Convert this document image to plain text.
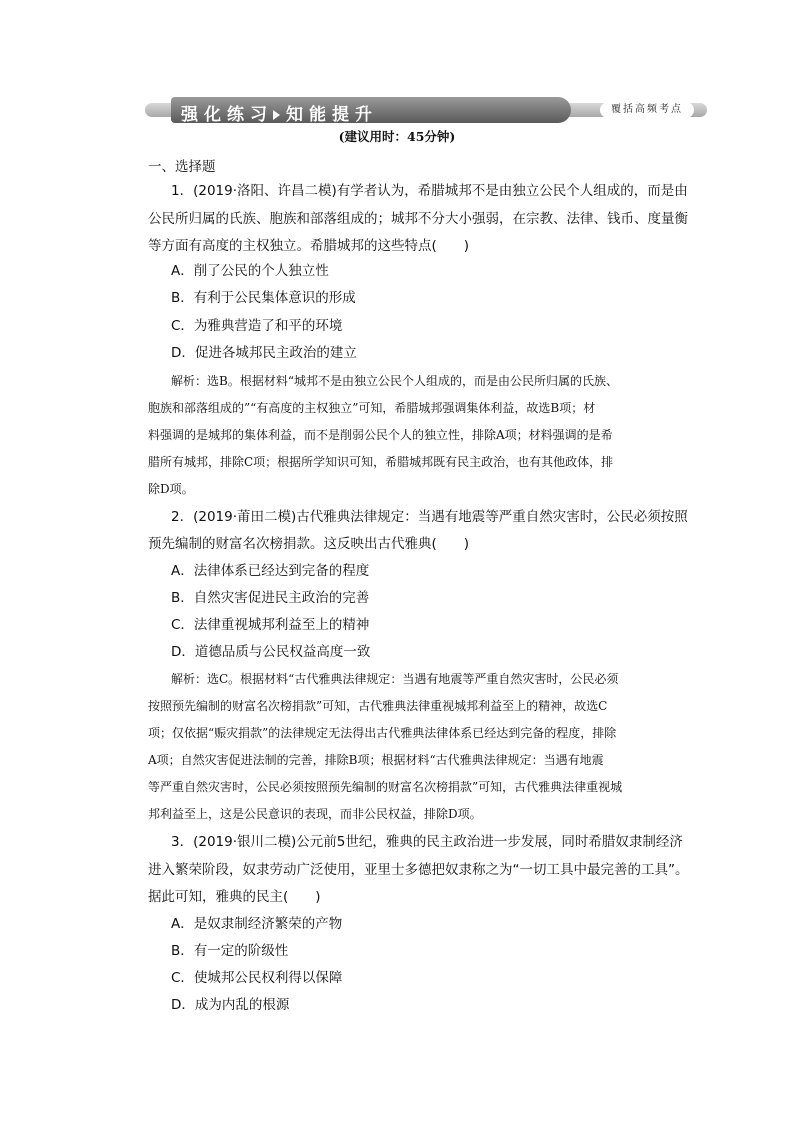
强化练习 知能提升	覆括高频考点
(建议用时：45分钟)
一、选择题
1．(2019·洛阳、许昌二模)有学者认为，希腊城邦不是由独立公民个人组成的，而是由
公民所归属的氏族、胞族和部落组成的；城邦不分大小强弱，在宗教、法律、钱币、度量衡
等方面有高度的主权独立。希腊城邦的这些特点(　　)
A．削了公民的个人独立性
B．有利于公民集体意识的形成
C．为雅典营造了和平的环境
D．促进各城邦民主政治的建立
解析：选B。根据材料“城邦不是由独立公民个人组成的，而是由公民所归属的氏族、
胞族和部落组成的”“有高度的主权独立”可知，希腊城邦强调集体利益，故选B项；材
料强调的是城邦的集体利益，而不是削弱公民个人的独立性，排除A项；材料强调的是希
腊所有城邦，排除C项；根据所学知识可知，希腊城邦既有民主政治，也有其他政体，排
除D项。
2．(2019·莆田二模)古代雅典法律规定：当遇有地震等严重自然灾害时，公民必须按照
预先编制的财富名次榜捐款。这反映出古代雅典(　　)
A．法律体系已经达到完备的程度
B．自然灾害促进民主政治的完善
C．法律重视城邦利益至上的精神
D．道德品质与公民权益高度一致
解析：选C。根据材料“古代雅典法律规定：当遇有地震等严重自然灾害时，公民必须
按照预先编制的财富名次榜捐款”可知，古代雅典法律重视城邦利益至上的精神，故选C
项；仅依据“赈灾捐款”的法律规定无法得出古代雅典法律体系已经达到完备的程度，排除
A项；自然灾害促进法制的完善，排除B项；根据材料“古代雅典法律规定：当遇有地震
等严重自然灾害时，公民必须按照预先编制的财富名次榜捐款”可知，古代雅典法律重视城
邦利益至上，这是公民意识的表现，而非公民权益，排除D项。
3．(2019·银川二模)公元前5世纪，雅典的民主政治进一步发展，同时希腊奴隶制经济
进入繁荣阶段，奴隶劳动广泛使用，亚里士多德把奴隶称之为“一切工具中最完善的工具”。
据此可知，雅典的民主(　　)
A．是奴隶制经济繁荣的产物
B．有一定的阶级性
C．使城邦公民权利得以保障
D．成为内乱的根源
